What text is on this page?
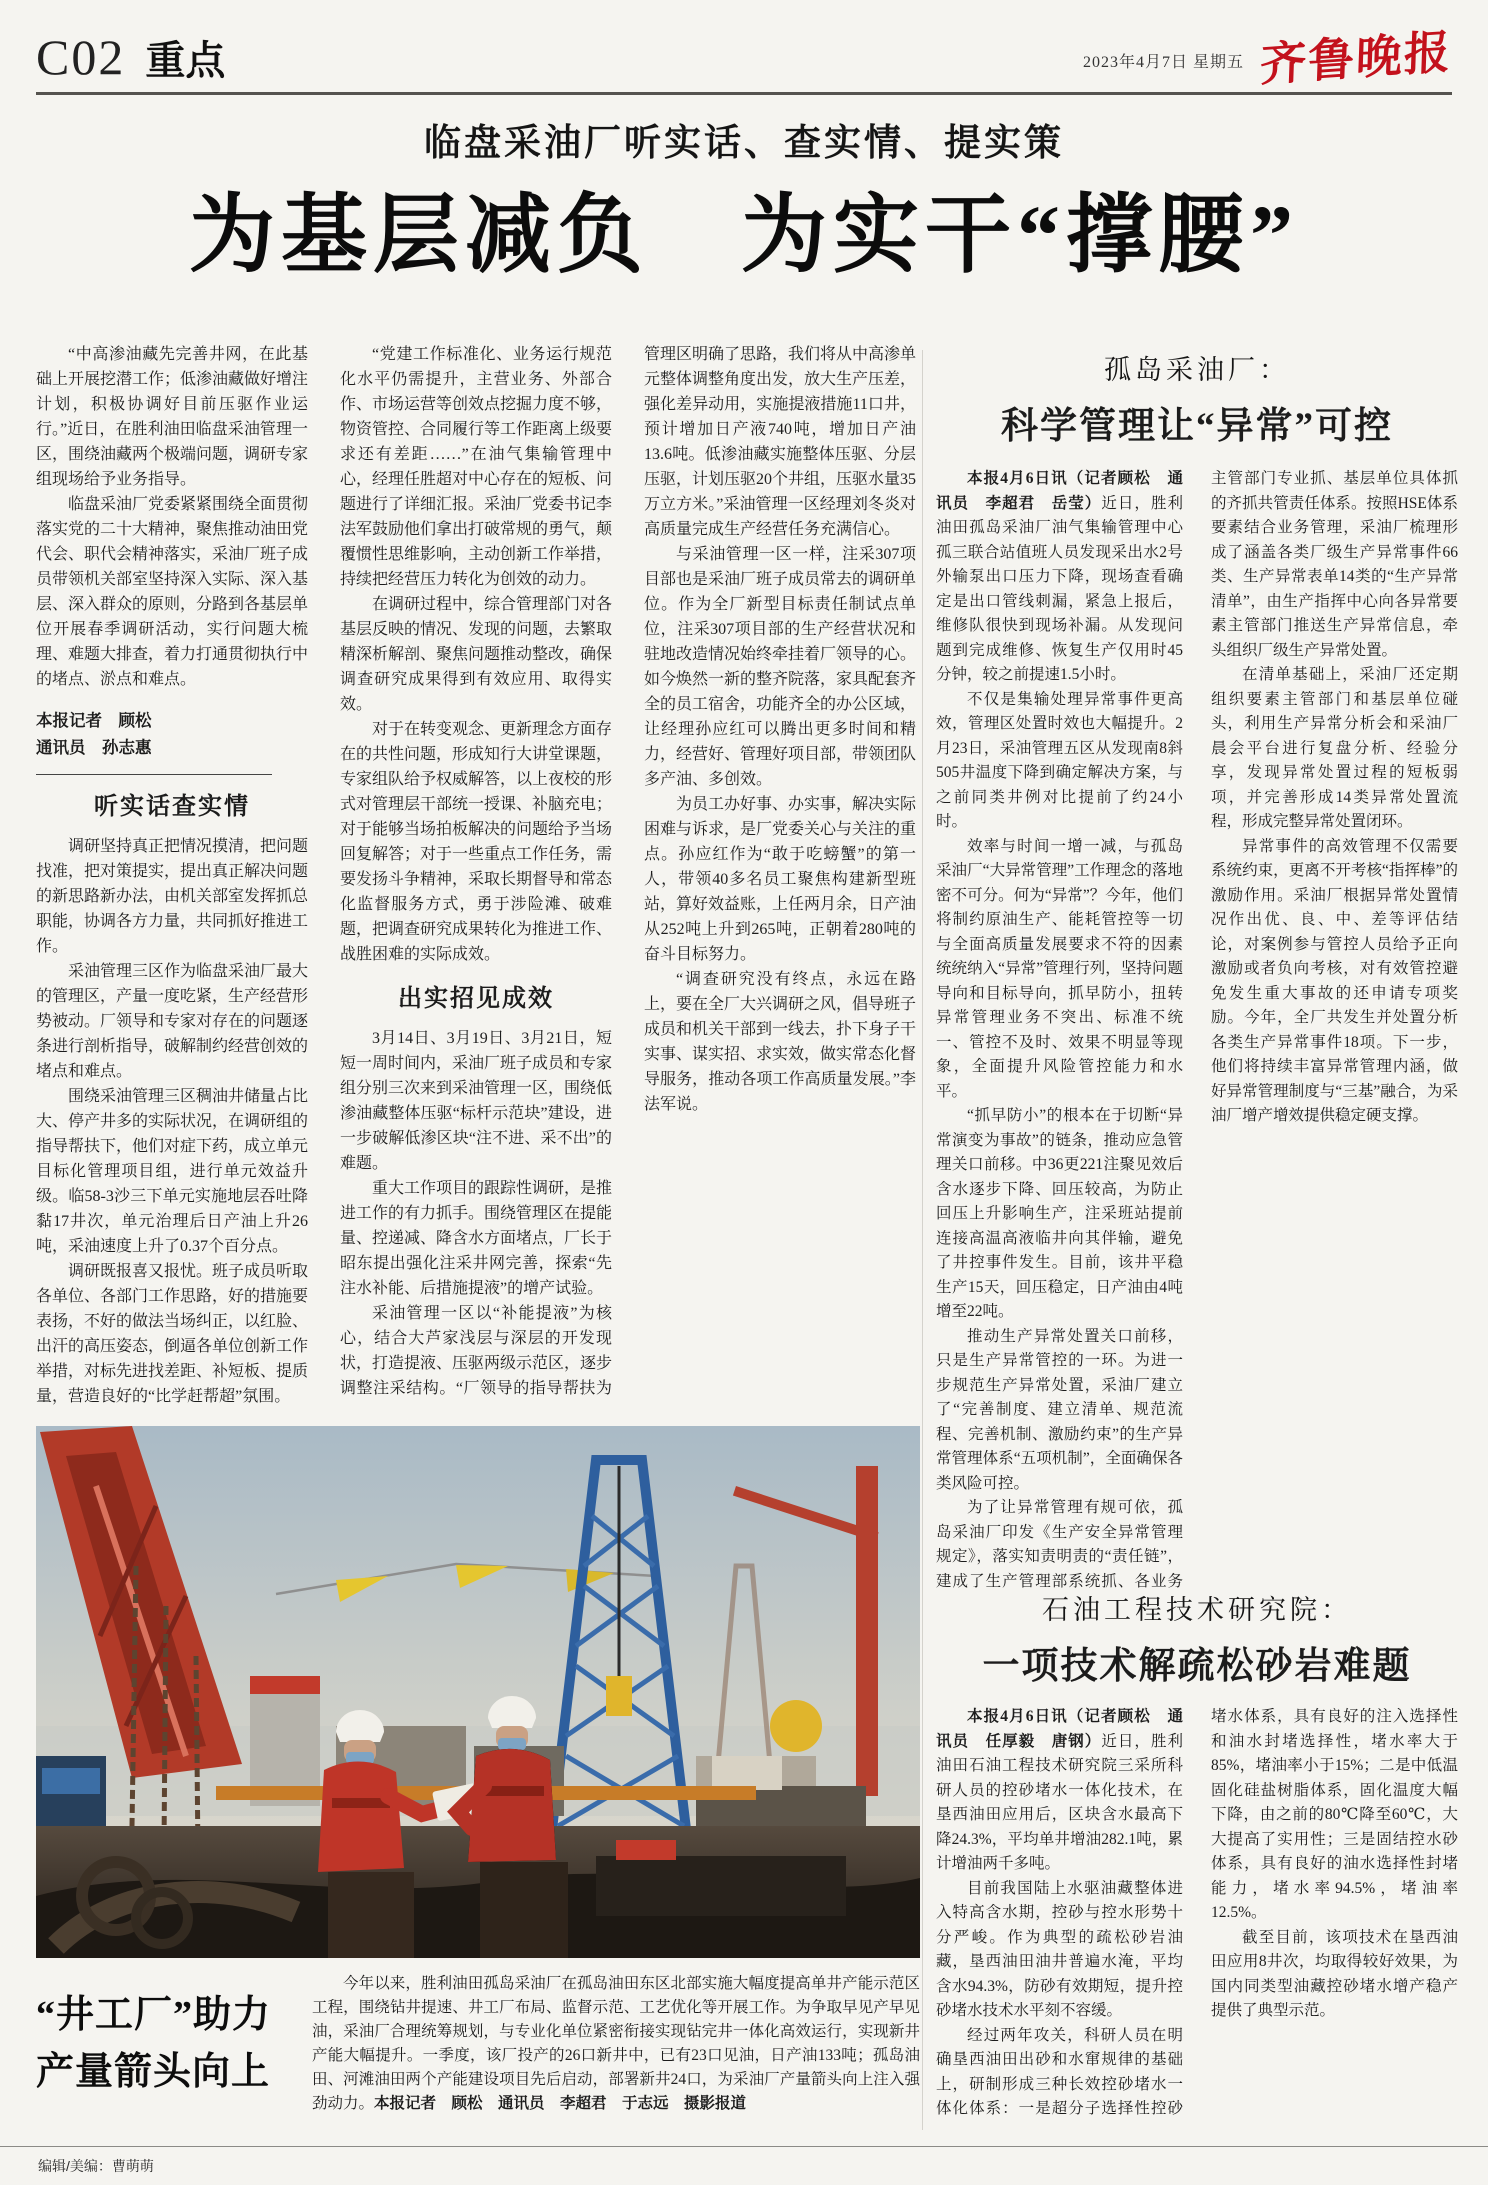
C02 重点	2023年4月7日 星期五 齐鲁晚报
临盘采油厂听实话、查实情、提实策
为基层减负　为实干“撑腰”

“中高渗油藏先完善井网，在此基础上开展挖潜工作；低渗油藏做好增注计划，积极协调好目前压驱作业运行。”近日，在胜利油田临盘采油管理一区，围绕油藏两个极端问题，调研专家组现场给予业务指导。

临盘采油厂党委紧紧围绕全面贯彻落实党的二十大精神，聚焦推动油田党代会、职代会精神落实，采油厂班子成员带领机关部室坚持深入实际、深入基层、深入群众的原则，分路到各基层单位开展春季调研活动，实行问题大梳理、难题大排查，着力打通贯彻执行中的堵点、淤点和难点。

本报记者　顾松

通讯员　孙志惠

听实话查实情

调研坚持真正把情况摸清，把问题找准，把对策提实，提出真正解决问题的新思路新办法，由机关部室发挥抓总职能，协调各方力量，共同抓好推进工作。

采油管理三区作为临盘采油厂最大的管理区，产量一度吃紧，生产经营形势被动。厂领导和专家对存在的问题逐条进行剖析指导，破解制约经营创效的堵点和难点。

围绕采油管理三区稠油井储量占比大、停产井多的实际状况，在调研组的指导帮扶下，他们对症下药，成立单元目标化管理项目组，进行单元效益升级。临58-3沙三下单元实施地层吞吐降黏17井次，单元治理后日产油上升26吨，采油速度上升了0.37个百分点。

调研既报喜又报忧。班子成员听取各单位、各部门工作思路，好的措施要表扬，不好的做法当场纠正，以红脸、出汗的高压姿态，倒逼各单位创新工作举措，对标先进找差距、补短板、提质量，营造良好的“比学赶帮超”氛围。

“党建工作标准化、业务运行规范化水平仍需提升，主营业务、外部合作、市场运营等创效点挖掘力度不够，物资管控、合同履行等工作距离上级要求还有差距……”在油气集输管理中心，经理任胜超对中心存在的短板、问题进行了详细汇报。采油厂党委书记李法军鼓励他们拿出打破常规的勇气，颠覆惯性思维影响，主动创新工作举措，持续把经营压力转化为创效的动力。

在调研过程中，综合管理部门对各基层反映的情况、发现的问题，去繁取精深析解剖、聚焦问题推动整改，确保调查研究成果得到有效应用、取得实效。

对于在转变观念、更新理念方面存在的共性问题，形成知行大讲堂课题，专家组队给予权威解答，以上夜校的形式对管理层干部统一授课、补脑充电；对于能够当场拍板解决的问题给予当场回复解答；对于一些重点工作任务，需要发扬斗争精神，采取长期督导和常态化监督服务方式，勇于涉险滩、破难题，把调查研究成果转化为推进工作、战胜困难的实际成效。

出实招见成效

3月14日、3月19日、3月21日，短短一周时间内，采油厂班子成员和专家组分别三次来到采油管理一区，围绕低渗油藏整体压驱“标杆示范块”建设，进一步破解低渗区块“注不进、采不出”的难题。

重大工作项目的跟踪性调研，是推进工作的有力抓手。围绕管理区在提能量、控递减、降含水方面堵点，厂长于昭东提出强化注采井网完善，探索“先注水补能、后措施提液”的增产试验。

采油管理一区以“补能提液”为核心，结合大芦家浅层与深层的开发现状，打造提液、压驱两级示范区，逐步调整注采结构。“厂领导的指导帮扶为管理区明确了思路，我们将从中高渗单元整体调整角度出发，放大生产压差，强化差异动用，实施提液措施11口井，预计增加日产液740吨，增加日产油13.6吨。低渗油藏实施整体压驱、分层压驱，计划压驱20个井组，压驱水量35万立方米。”采油管理一区经理刘冬炎对高质量完成生产经营任务充满信心。

与采油管理一区一样，注采307项目部也是采油厂班子成员常去的调研单位。作为全厂新型目标责任制试点单位，注采307项目部的生产经营状况和驻地改造情况始终牵挂着厂领导的心。如今焕然一新的整齐院落，家具配套齐全的员工宿舍，功能齐全的办公区域，让经理孙应红可以腾出更多时间和精力，经营好、管理好项目部，带领团队多产油、多创效。

为员工办好事、办实事，解决实际困难与诉求，是厂党委关心与关注的重点。孙应红作为“敢于吃螃蟹”的第一人，带领40多名员工聚焦构建新型班站，算好效益账，上任两月余，日产油从252吨上升到265吨，正朝着280吨的奋斗目标努力。

“调查研究没有终点，永远在路上，要在全厂大兴调研之风，倡导班子成员和机关干部到一线去，扑下身子干实事、谋实招、求实效，做实常态化督导服务，推动各项工作高质量发展。”李法军说。

孤岛采油厂：

科学管理让“异常”可控

本报4月6日讯（记者顾松　通讯员　李超君　岳莹）近日，胜利油田孤岛采油厂油气集输管理中心孤三联合站值班人员发现采出水2号外输泵出口压力下降，现场查看确定是出口管线刺漏，紧急上报后，维修队很快到现场补漏。从发现问题到完成维修、恢复生产仅用时45分钟，较之前提速1.5小时。

不仅是集输处理异常事件更高效，管理区处置时效也大幅提升。2月23日，采油管理五区从发现南8斜505井温度下降到确定解决方案，与之前同类井例对比提前了约24小时。

效率与时间一增一减，与孤岛采油厂“大异常管理”工作理念的落地密不可分。何为“异常”？今年，他们将制约原油生产、能耗管控等一切与全面高质量发展要求不符的因素统统纳入“异常”管理行列，坚持问题导向和目标导向，抓早防小，扭转异常管理业务不突出、标准不统一、管控不及时、效果不明显等现象，全面提升风险管控能力和水平。

“抓早防小”的根本在于切断“异常演变为事故”的链条，推动应急管理关口前移。中36更221注聚见效后含水逐步下降、回压较高，为防止回压上升影响生产，注采班站提前连接高温高液临井向其伴输，避免了井控事件发生。目前，该井平稳生产15天，回压稳定，日产油由4吨增至22吨。

推动生产异常处置关口前移，只是生产异常管控的一环。为进一步规范生产异常处置，采油厂建立了“完善制度、建立清单、规范流程、完善机制、激励约束”的生产异常管理体系“五项机制”，全面确保各类风险可控。

为了让异常管理有规可依，孤岛采油厂印发《生产安全异常管理规定》，落实知责明责的“责任链”，建成了生产管理部系统抓、各业务主管部门专业抓、基层单位具体抓的齐抓共管责任体系。按照HSE体系要素结合业务管理，采油厂梳理形成了涵盖各类厂级生产异常事件66类、生产异常表单14类的“生产异常清单”，由生产指挥中心向各异常要素主管部门推送生产异常信息，牵头组织厂级生产异常处置。

在清单基础上，采油厂还定期组织要素主管部门和基层单位碰头，利用生产异常分析会和采油厂晨会平台进行复盘分析、经验分享，发现异常处置过程的短板弱项，并完善形成14类异常处置流程，形成完整异常处置闭环。

异常事件的高效管理不仅需要系统约束，更离不开考核“指挥棒”的激励作用。采油厂根据异常处置情况作出优、良、中、差等评估结论，对案例参与管控人员给予正向激励或者负向考核，对有效管控避免发生重大事故的还申请专项奖励。今年，全厂共发生并处置分析各类生产异常事件18项。下一步，他们将持续丰富异常管理内涵，做好异常管理制度与“三基”融合，为采油厂增产增效提供稳定硬支撑。

石油工程技术研究院：

一项技术解疏松砂岩难题

本报4月6日讯（记者顾松　通讯员　任厚毅　唐钢）近日，胜利油田石油工程技术研究院三采所科研人员的控砂堵水一体化技术，在垦西油田应用后，区块含水最高下降24.3%，平均单井增油282.1吨，累计增油两千多吨。

目前我国陆上水驱油藏整体进入特高含水期，控砂与控水形势十分严峻。作为典型的疏松砂岩油藏，垦西油田油井普遍水淹，平均含水94.3%，防砂有效期短，提升控砂堵水技术水平刻不容缓。

经过两年攻关，科研人员在明确垦西油田出砂和水窜规律的基础上，研制形成三种长效控砂堵水一体化体系：一是超分子选择性控砂堵水体系，具有良好的注入选择性和油水封堵选择性，堵水率大于85%，堵油率小于15%；二是中低温固化硅盐树脂体系，固化温度大幅下降，由之前的80℃降至60℃，大大提高了实用性；三是固结控水砂体系，具有良好的油水选择性封堵能力，堵水率94.5%，堵油率12.5%。

截至目前，该项技术在垦西油田应用8井次，均取得较好效果，为国内同类型油藏控砂堵水增产稳产提供了典型示范。

“井工厂”助力
产量箭头向上

今年以来，胜利油田孤岛采油厂在孤岛油田东区北部实施大幅度提高单井产能示范区工程，围绕钻井提速、井工厂布局、监督示范、工艺优化等开展工作。为争取早见产早见油，采油厂合理统筹规划，与专业化单位紧密衔接实现钻完井一体化高效运行，实现新井产能大幅提升。一季度，该厂投产的26口新井中，已有23口见油，日产油133吨；孤岛油田、河滩油田两个产能建设项目先后启动，部署新井24口，为采油厂产量箭头向上注入强劲动力。本报记者　顾松　通讯员　李超君　于志远　摄影报道

编辑/美编：曹萌萌
